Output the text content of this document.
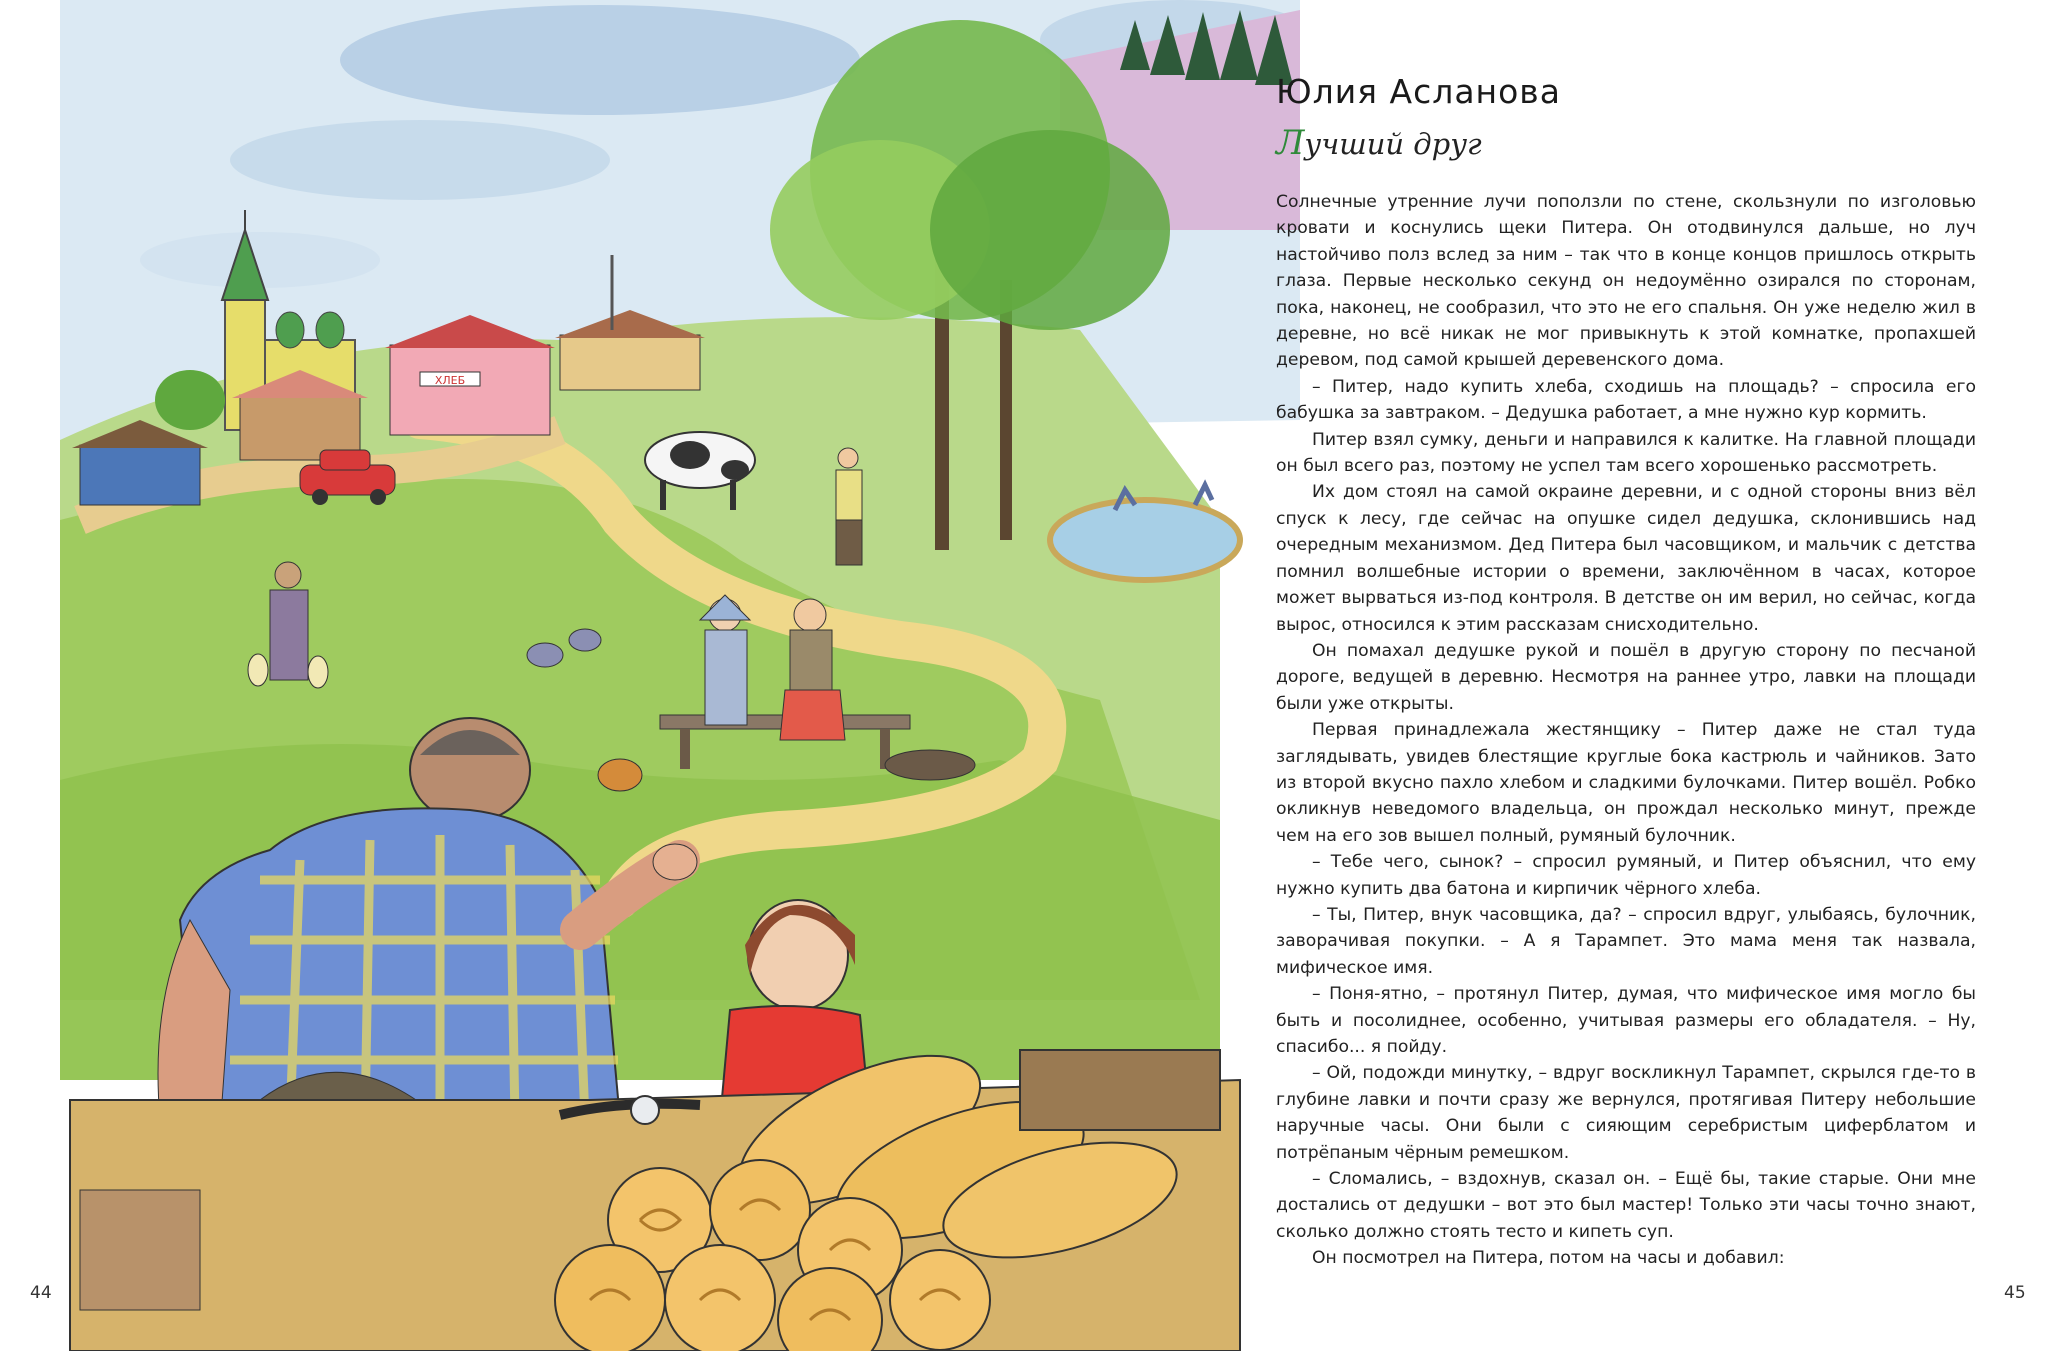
ХЛЕБ
44
Юлия Асланова
Лучший друг

Солнечные утренние лучи поползли по стене, скользнули по изголовью кровати и коснулись щеки Питера. Он отодвинулся дальше, но луч настойчиво полз вслед за ним – так что в конце концов пришлось открыть глаза. Первые несколько секунд он недоумённо озирался по сторонам, пока, наконец, не сообразил, что это не его спальня. Он уже неделю жил в деревне, но всё никак не мог привыкнуть к этой комнатке, пропахшей деревом, под самой крышей деревенского дома.

– Питер, надо купить хлеба, сходишь на площадь? – спросила его бабушка за завтраком. – Дедушка работает, а мне нужно кур кормить.

Питер взял сумку, деньги и направился к калитке. На главной площади он был всего раз, поэтому не успел там всего хорошенько рассмотреть.

Их дом стоял на самой окраине деревни, и с одной стороны вниз вёл спуск к лесу, где сейчас на опушке сидел дедушка, склонившись над очередным механизмом. Дед Питера был часовщиком, и мальчик с детства помнил волшебные истории о времени, заключённом в часах, которое может вырваться из-под контроля. В детстве он им верил, но сейчас, когда вырос, относился к этим рассказам снисходительно.

Он помахал дедушке рукой и пошёл в другую сторону по песчаной дороге, ведущей в деревню. Несмотря на раннее утро, лавки на площади были уже открыты.

Первая принадлежала жестянщику – Питер даже не стал туда заглядывать, увидев блестящие круглые бока кастрюль и чайников. Зато из второй вкусно пахло хлебом и сладкими булочками. Питер вошёл. Робко окликнув неведомого владельца, он прождал несколько минут, прежде чем на его зов вышел полный, румяный булочник.

– Тебе чего, сынок? – спросил румяный, и Питер объяснил, что ему нужно купить два батона и кирпичик чёрного хлеба.

– Ты, Питер, внук часовщика, да? – спросил вдруг, улыбаясь, булочник, заворачивая покупки. – А я Тарампет. Это мама меня так назвала, мифическое имя.

– Поня-ятно, – протянул Питер, думая, что мифическое имя могло бы быть и посолиднее, особенно, учитывая размеры его обладателя. – Ну, спасибо... я пойду.

– Ой, подожди минутку, – вдруг воскликнул Тарампет, скрылся где-то в глубине лавки и почти сразу же вернулся, протягивая Питеру небольшие наручные часы. Они были с сияющим серебристым циферблатом и потрёпаным чёрным ремешком.

– Сломались, – вздохнув, сказал он. – Ещё бы, такие старые. Они мне достались от дедушки – вот это был мастер! Только эти часы точно знают, сколько должно стоять тесто и кипеть суп.

Он посмотрел на Питера, потом на часы и добавил:

45
